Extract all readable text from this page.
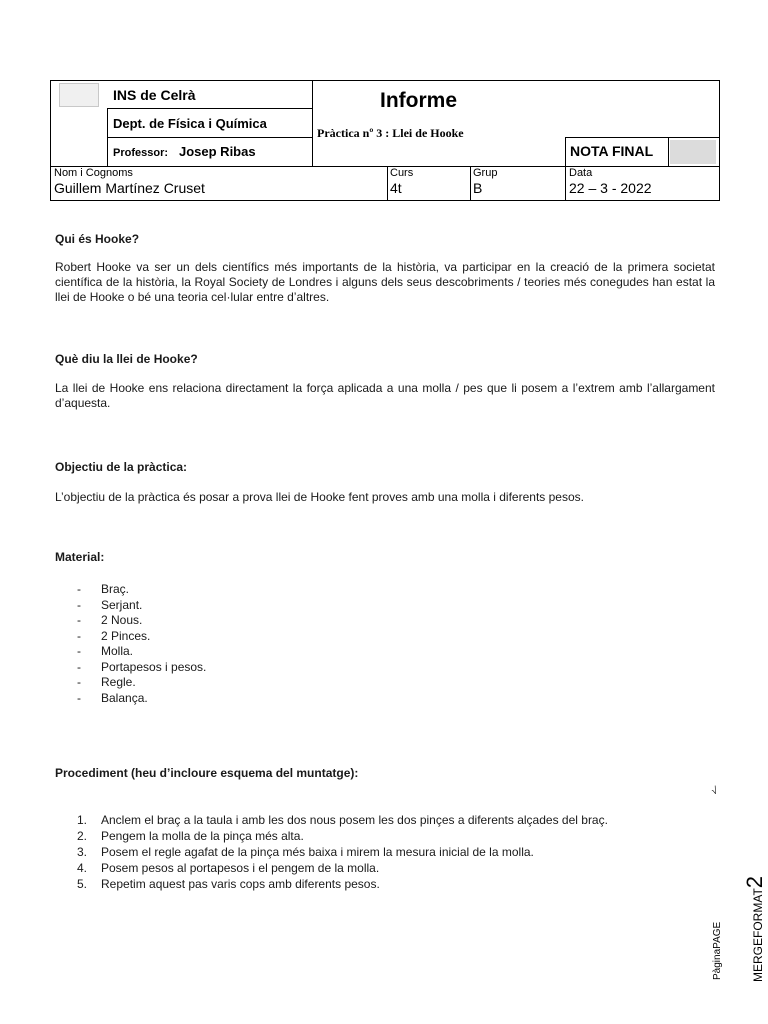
INS de Celrà
Dept. de Física i Química
Professor: Josep Ribas
Informe
Pràctica nº 3 : Llei de Hooke
NOTA FINAL
Nom i Cognoms
Guillem Martínez Cruset
Curs
4t
Grup
B
Data
22 – 3 - 2022

Qui és Hooke?

Robert Hooke va ser un dels científics més importants de la història, va participar en la creació de la primera societat científica de la història, la Royal Society de Londres i alguns dels seus descobriments / teories més conegudes han estat la llei de Hooke o bé una teoria cel·lular entre d’altres.

Què diu la llei de Hooke?

La llei de Hooke ens relaciona directament la força aplicada a una molla / pes que li posem a l’extrem amb l’allargament d’aquesta.

Objectiu de la pràctica:

L’objectiu de la pràctica és posar a prova llei de Hooke fent proves amb una molla i diferents pesos.

Material:

- Braç.
- Serjant.
- 2 Nous.
- 2 Pinces.
- Molla.
- Portapesos i pesos.
- Regle.
- Balança.

Procediment (heu d’incloure esquema del muntatge):

1. Anclem el braç a la taula i amb les dos nous posem les dos pinçes a diferents alçades del braç.
2. Pengem la molla de la pinça més alta.
3. Posem el regle agafat de la pinça més baixa i mirem la mesura inicial de la molla.
4. Posem pesos al portapesos i el pengem de la molla.
5. Repetim aquest pas varis cops amb diferents pesos.
√
PàginaPAGE	MERGEFORMAT2
